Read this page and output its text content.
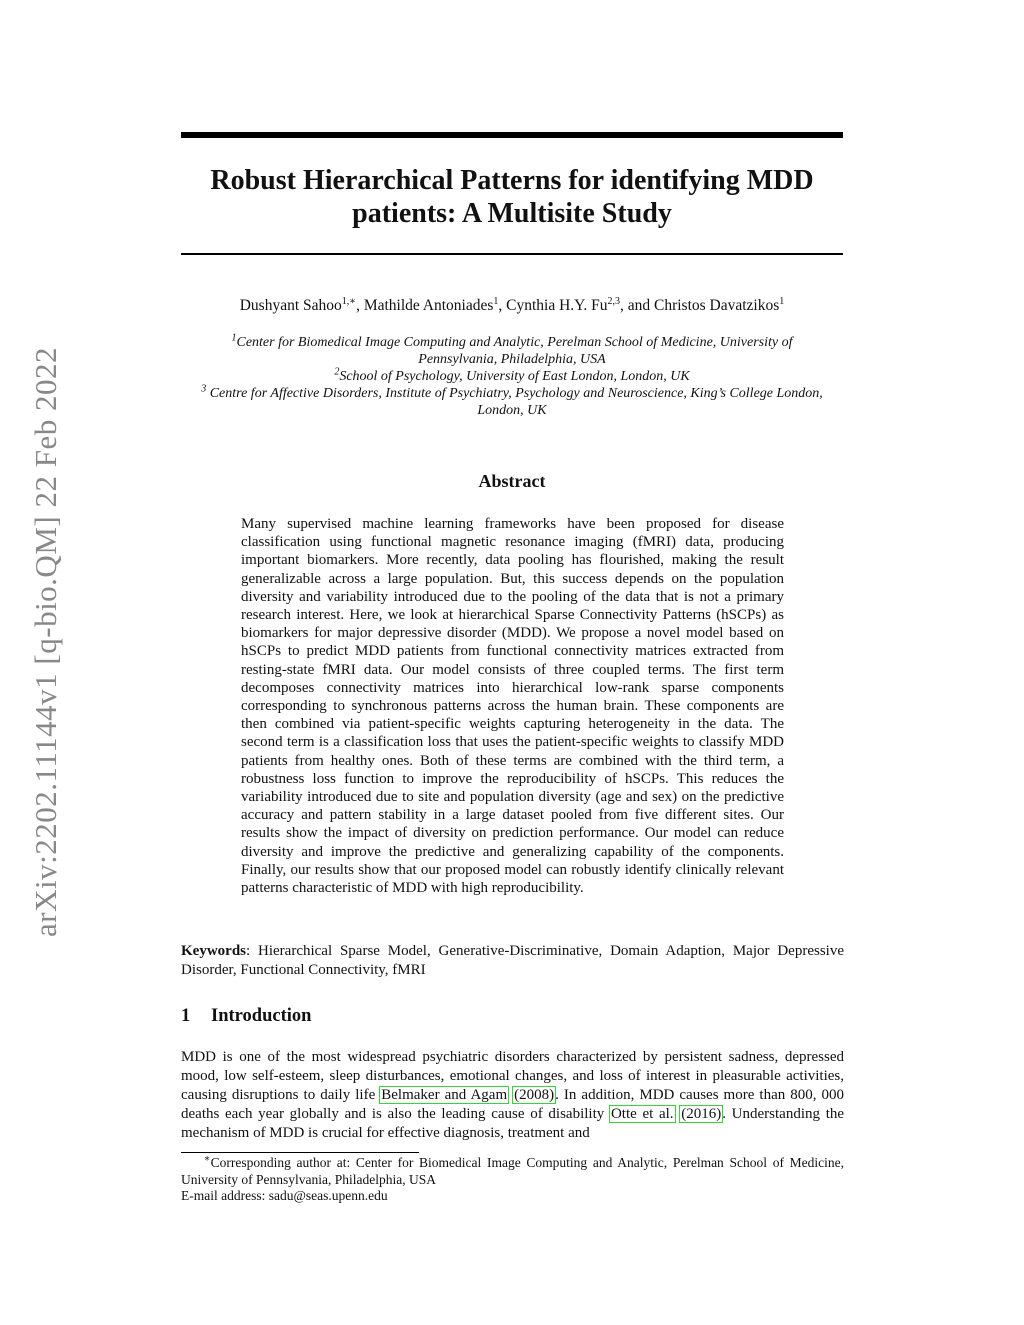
arXiv:2202.11144v1 [q-bio.QM] 22 Feb 2022
Robust Hierarchical Patterns for identifying MDD
patients: A Multisite Study
Dushyant Sahoo$^{1,∗}$, Mathilde Antoniades$^1$, Cynthia H.Y. Fu$^{2,3}$, and Christos Davatzikos$^1$
$^1$Center for Biomedical Image Computing and Analytic, Perelman School of Medicine, University of
Pennsylvania, Philadelphia, USA
$^2$School of Psychology, University of East London, London, UK
$^3$ Centre for Affective Disorders, Institute of Psychiatry, Psychology and Neuroscience, King’s College London,
London, UK
Abstract
Many supervised machine learning frameworks have been proposed for disease classification using functional magnetic resonance imaging (fMRI) data, producing important biomarkers. More recently, data pooling has flourished, making the result generalizable across a large population. But, this success depends on the population diversity and variability introduced due to the pooling of the data that is not a primary research interest. Here, we look at hierarchical Sparse Connectivity Patterns (hSCPs) as biomarkers for major depressive disorder (MDD). We propose a novel model based on hSCPs to predict MDD patients from functional connectivity matrices extracted from resting-state fMRI data. Our model consists of three coupled terms. The first term decomposes connectivity matrices into hierarchical low-rank sparse components corresponding to synchronous patterns across the human brain. These components are then combined via patient-specific weights capturing heterogeneity in the data. The second term is a classification loss that uses the patient-specific weights to classify MDD patients from healthy ones. Both of these terms are combined with the third term, a robustness loss function to improve the reproducibility of hSCPs. This reduces the variability introduced due to site and population diversity (age and sex) on the predictive accuracy and pattern stability in a large dataset pooled from five different sites. Our results show the impact of diversity on prediction performance. Our model can reduce diversity and improve the predictive and generalizing capability of the components. Finally, our results show that our proposed model can robustly identify clinically relevant patterns characteristic of MDD with high reproducibility.
Keywords: Hierarchical Sparse Model, Generative-Discriminative, Domain Adaption, Major Depressive Disorder, Functional Connectivity, fMRI
1 Introduction
MDD is one of the most widespread psychiatric disorders characterized by persistent sadness, depressed mood, low self-esteem, sleep disturbances, emotional changes, and loss of interest in pleasurable activities, causing disruptions to daily life Belmaker and Agam (2008). In addition, MDD causes more than 800, 000 deaths each year globally and is also the leading cause of disability Otte et al. (2016). Understanding the mechanism of MDD is crucial for effective diagnosis, treatment and
∗Corresponding author at: Center for Biomedical Image Computing and Analytic, Perelman School of Medicine, University of Pennsylvania, Philadelphia, USA
E-mail address: sadu@seas.upenn.edu
